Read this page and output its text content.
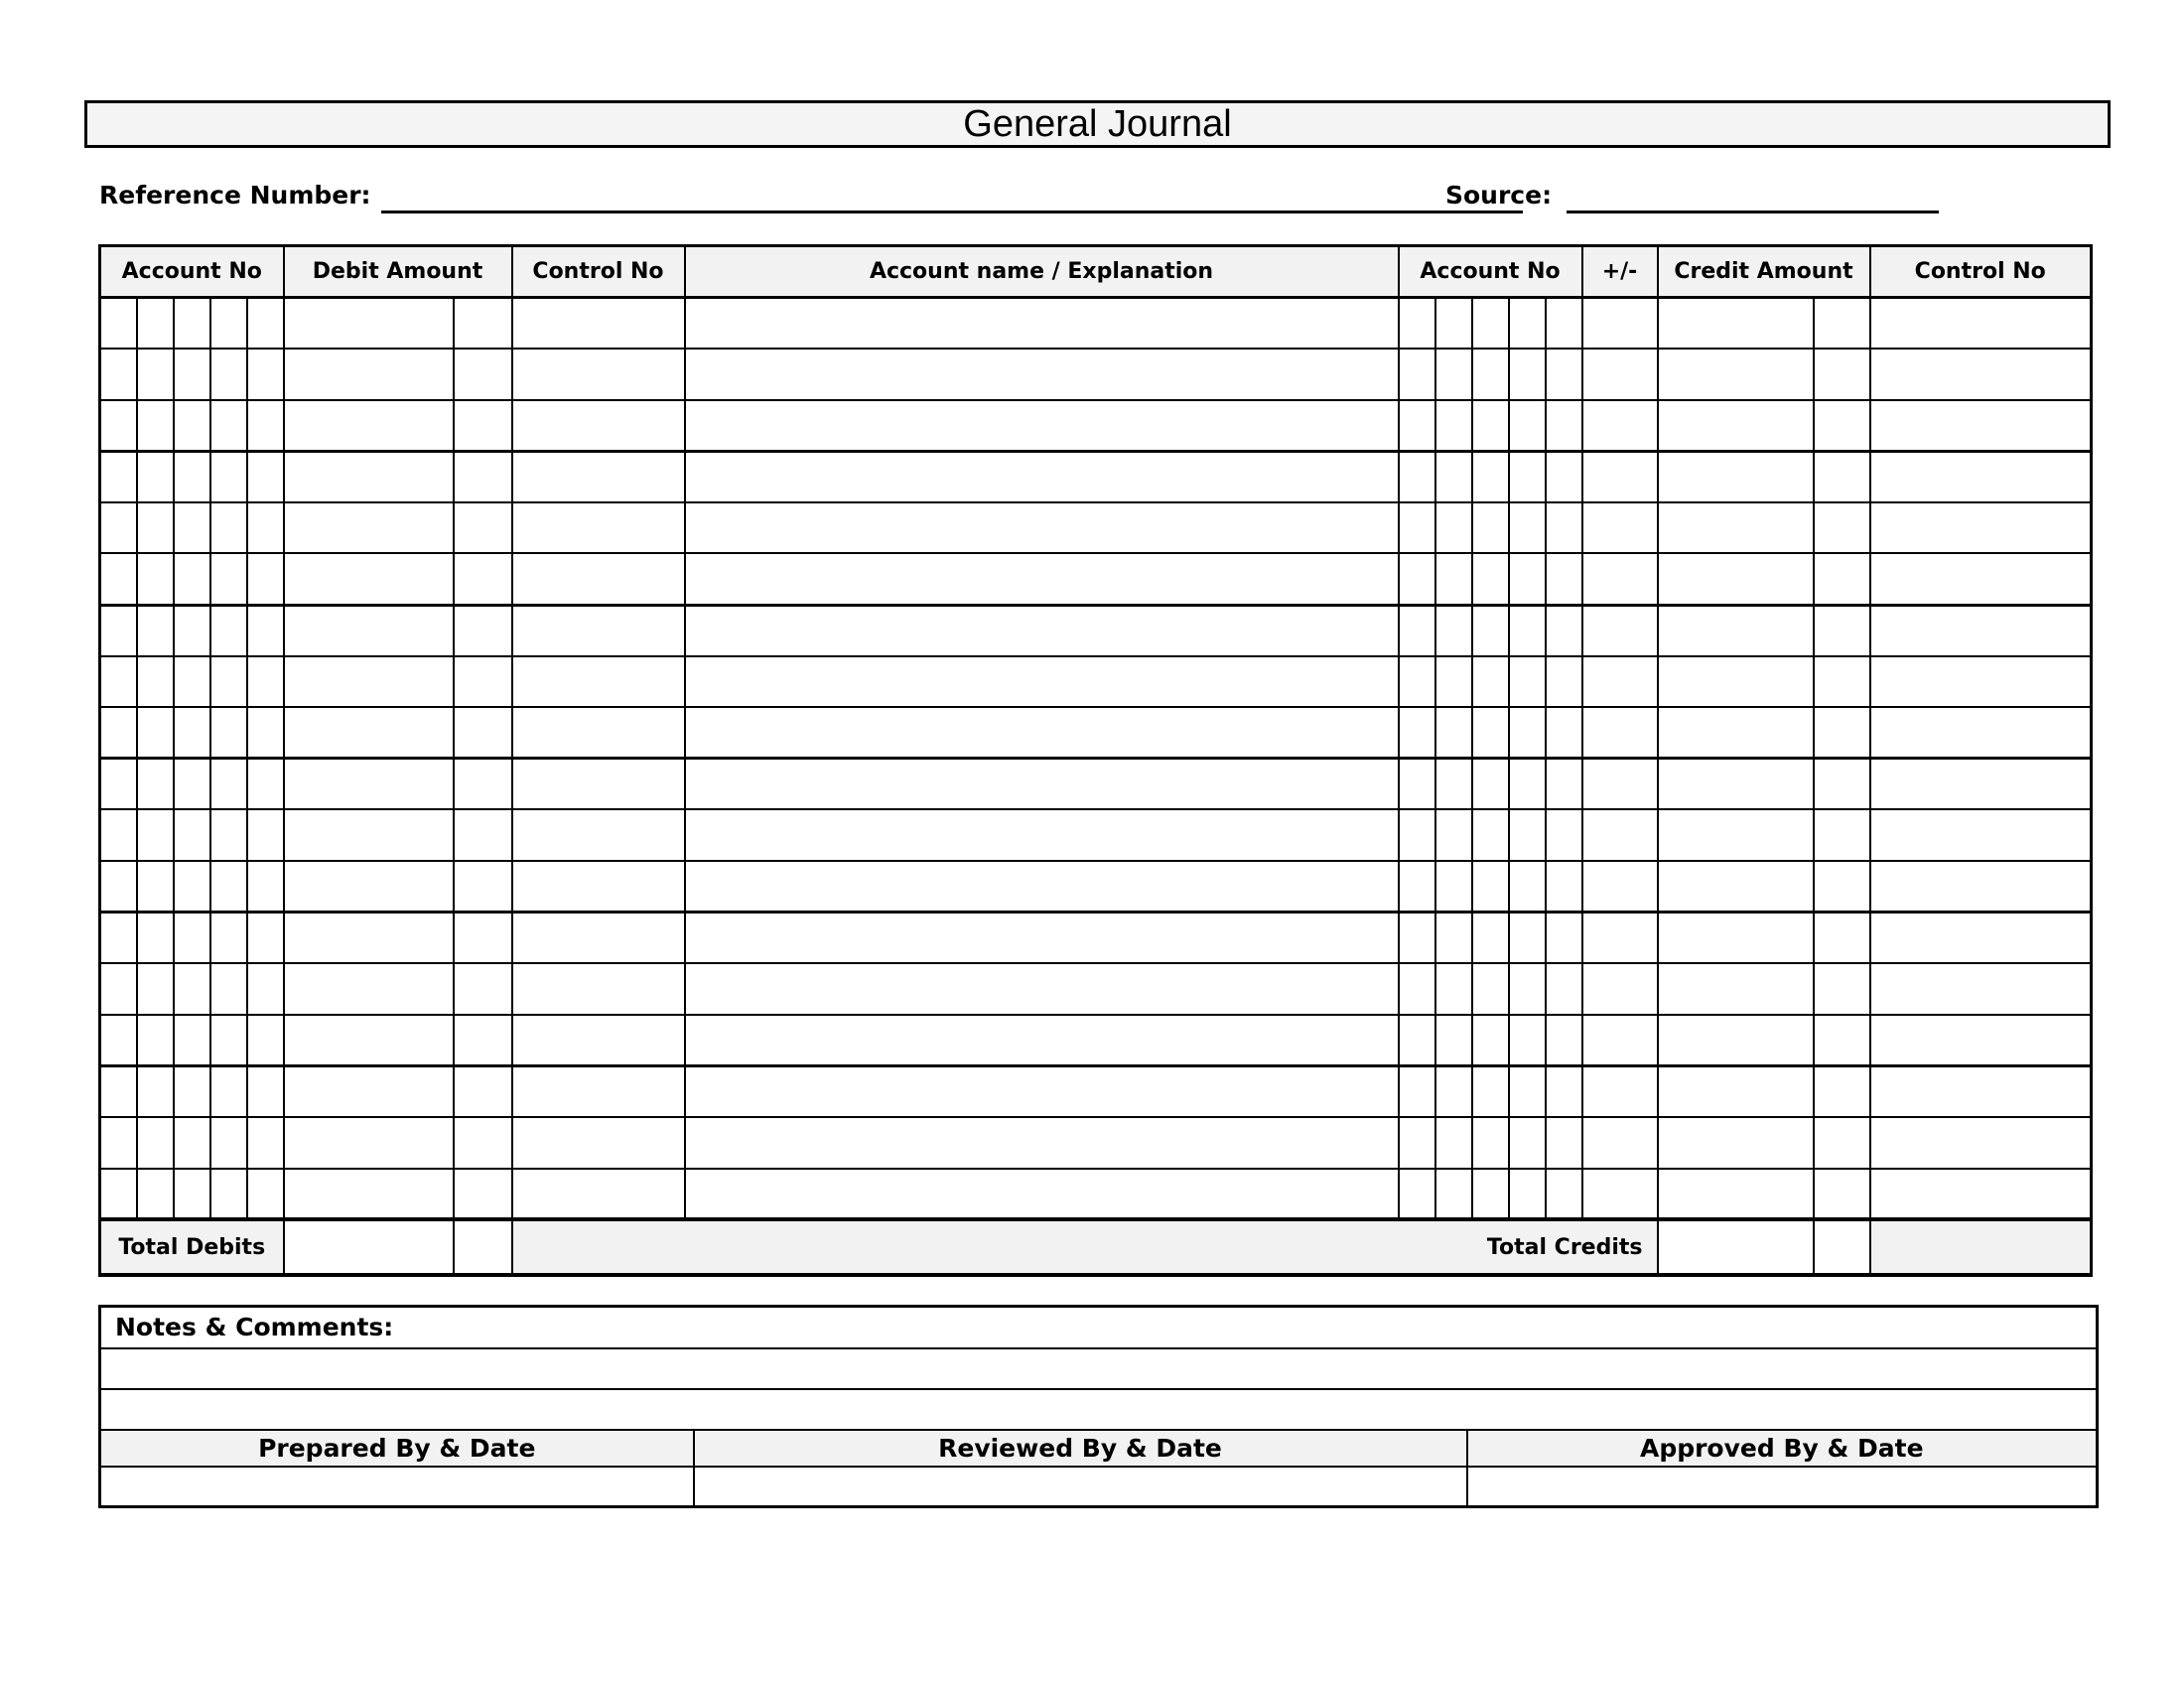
General Journal
Reference Number:	Source:
Account No					Debit Amount		Control No	Account name / Explanation	Account No					+/-	Credit Amount		Control No

Total Debits							Total Credits										
Notes & Comments:		

Prepared By & Date	Reviewed By & Date	Approved By & Date
